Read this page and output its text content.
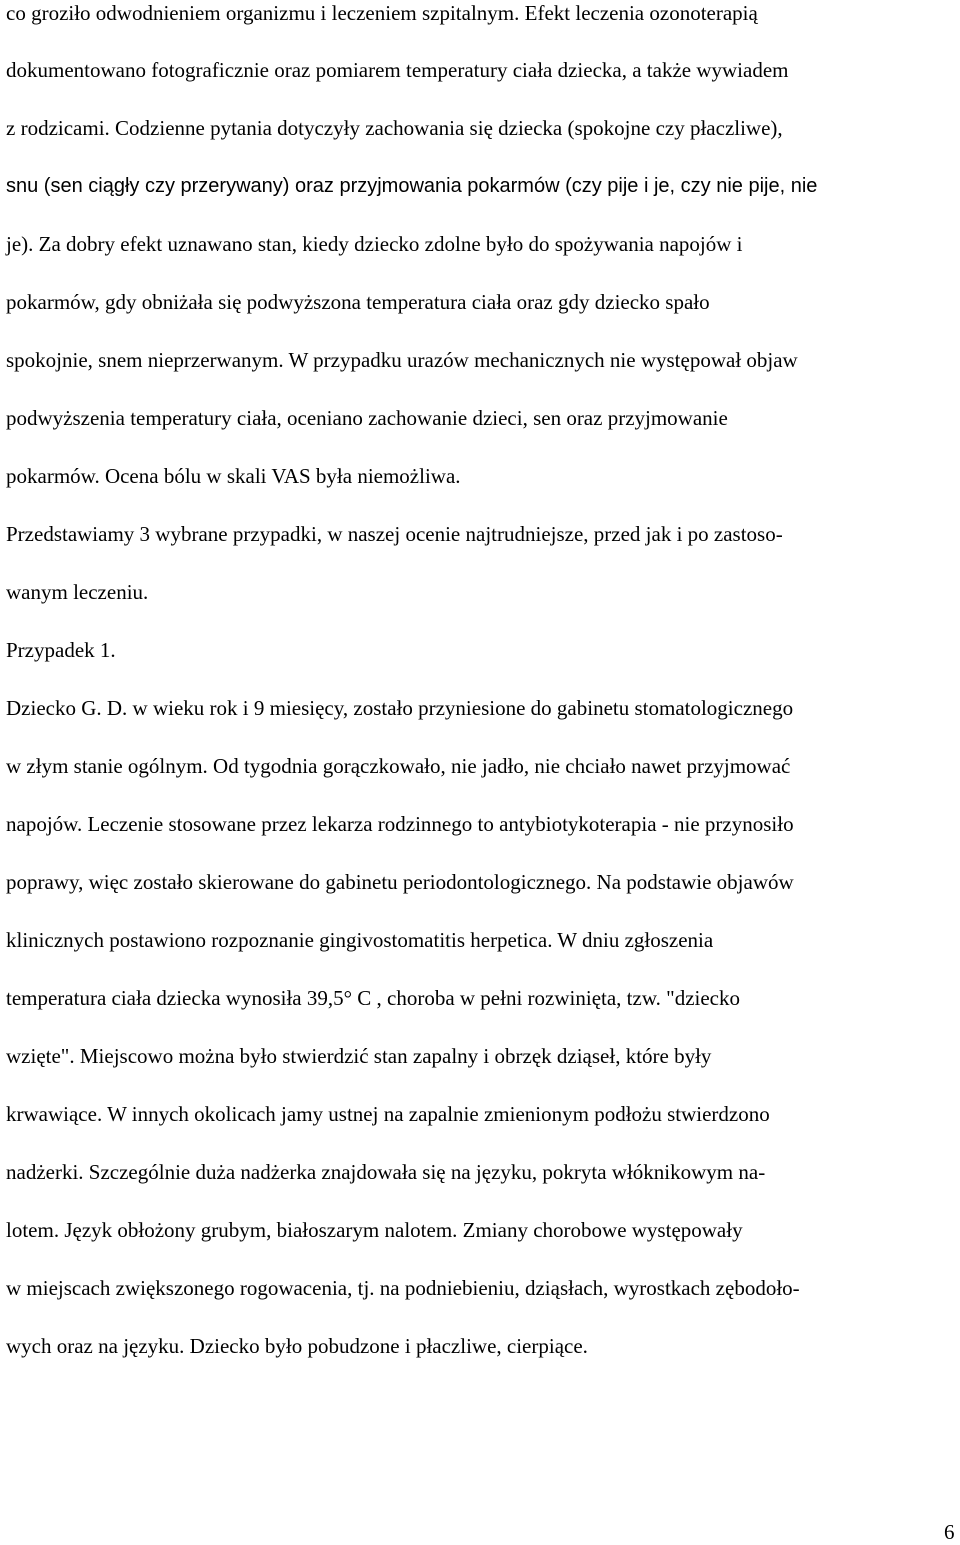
co groziło odwodnieniem organizmu i leczeniem szpitalnym. Efekt leczenia ozonoterapią

dokumentowano fotograficznie oraz pomiarem temperatury ciała dziecka, a także wywiadem

z rodzicami. Codzienne pytania dotyczyły zachowania się dziecka (spokojne czy płaczliwe),

snu (sen ciągły czy przerywany) oraz przyjmowania pokarmów (czy pije i je, czy nie pije, nie

je). Za dobry efekt uznawano stan, kiedy dziecko zdolne było do spożywania napojów i

pokarmów, gdy obniżała się podwyższona temperatura ciała oraz gdy dziecko spało

spokojnie, snem nieprzerwanym. W przypadku urazów mechanicznych nie występował objaw

podwyższenia temperatury ciała, oceniano zachowanie dzieci, sen oraz przyjmowanie

pokarmów. Ocena bólu w skali VAS była niemożliwa.

Przedstawiamy 3 wybrane przypadki, w naszej ocenie najtrudniejsze, przed jak i po zastoso-

wanym leczeniu.

Przypadek 1.

Dziecko G. D. w wieku rok i 9 miesięcy, zostało przyniesione do gabinetu stomatologicznego

w złym stanie ogólnym. Od tygodnia gorączkowało, nie jadło, nie chciało nawet przyjmować

napojów. Leczenie stosowane przez lekarza rodzinnego to antybiotykoterapia - nie przynosiło

poprawy, więc zostało skierowane do gabinetu periodontologicznego. Na podstawie objawów

klinicznych postawiono rozpoznanie gingivostomatitis herpetica. W dniu zgłoszenia

temperatura ciała dziecka wynosiła 39,5° C , choroba w pełni rozwinięta, tzw. "dziecko

wzięte". Miejscowo można było stwierdzić stan zapalny i obrzęk dziąseł, które były

krwawiące. W innych okolicach jamy ustnej na zapalnie zmienionym podłożu stwierdzono

nadżerki. Szczególnie duża nadżerka znajdowała się na języku, pokryta włóknikowym na-

lotem. Język obłożony grubym, białoszarym nalotem. Zmiany chorobowe występowały

w miejscach zwiększonego rogowacenia, tj. na podniebieniu, dziąsłach, wyrostkach zębodoło-

wych oraz na języku. Dziecko było pobudzone i płaczliwe, cierpiące.

6
